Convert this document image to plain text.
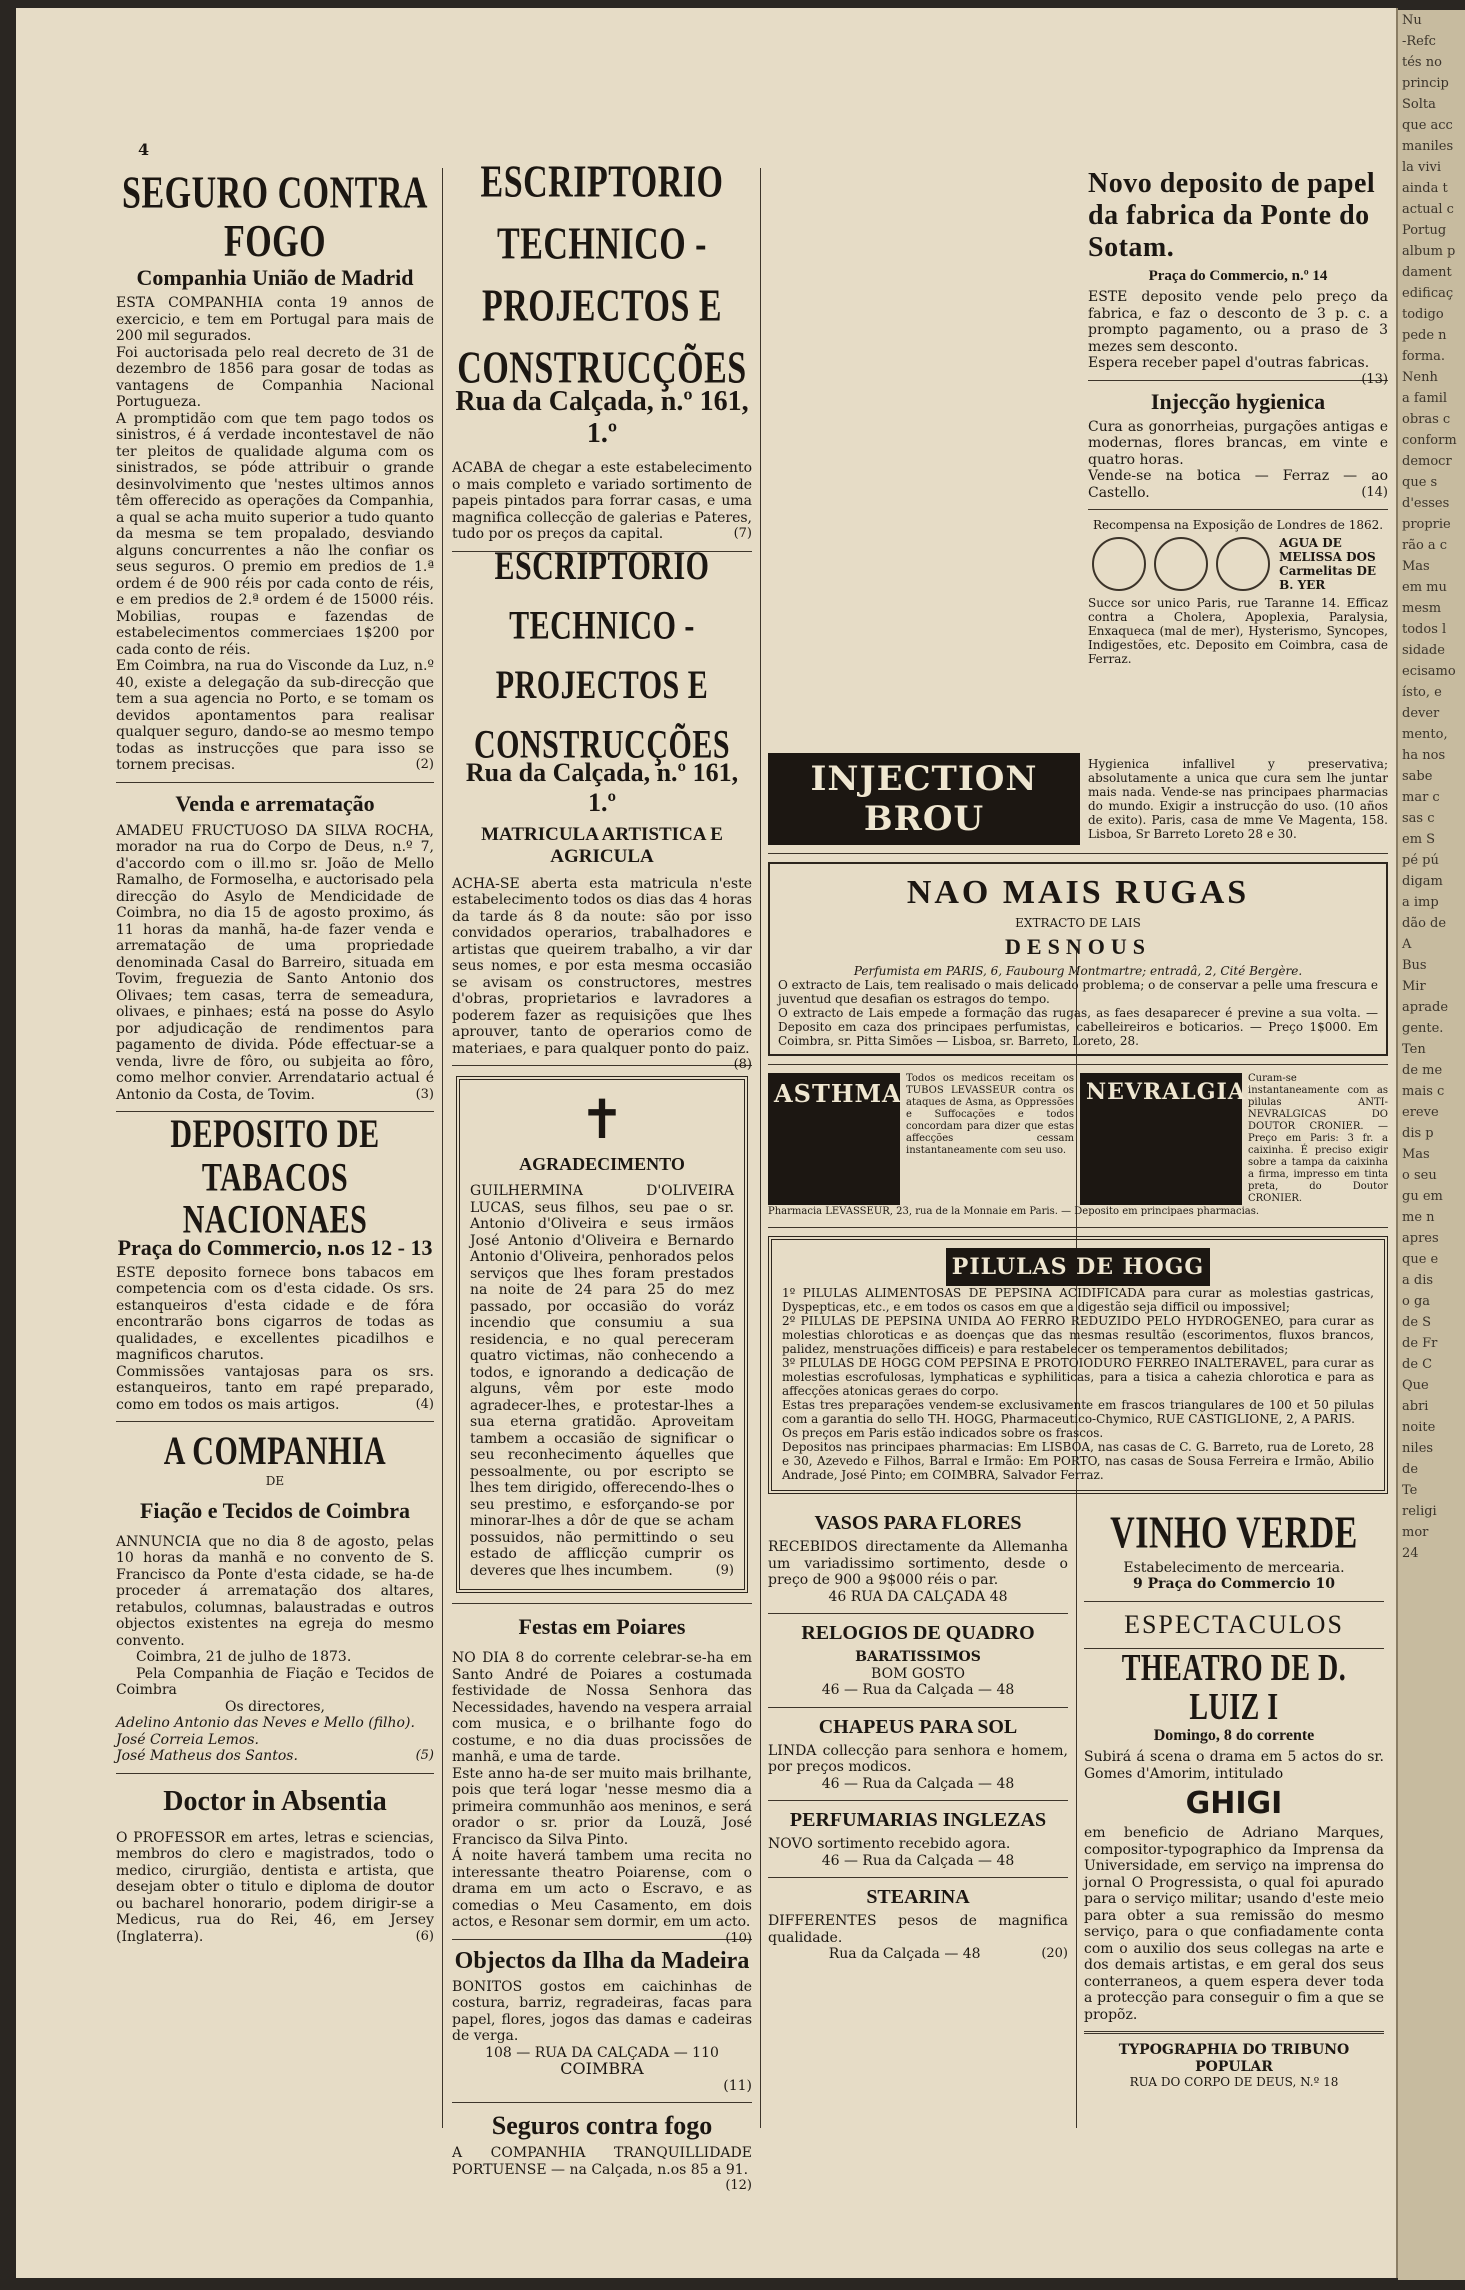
4
SEGURO CONTRA FOGO
Companhia União de Madrid

ESTA COMPANHIA conta 19 annos de exercicio, e tem em Portugal para mais de 200 mil segurados.

Foi auctorisada pelo real decreto de 31 de dezembro de 1856 para gosar de todas as vantagens de Companhia Nacional Portugueza.

A promptidão com que tem pago todos os sinistros, é á verdade incontestavel de não ter pleitos de qualidade alguma com os sinistrados, se póde attribuir o grande desinvolvimento que 'nestes ultimos annos têm offerecido as operações da Companhia, a qual se acha muito superior a tudo quanto da mesma se tem propalado, desviando alguns concurrentes a não lhe confiar os seus seguros. O premio em predios de 1.ª ordem é de 900 réis por cada conto de réis, e em predios de 2.ª ordem é de 15000 réis. Mobilias, roupas e fazendas de estabelecimentos commerciaes 1$200 por cada conto de réis.

Em Coimbra, na rua do Visconde da Luz, n.º 40, existe a delegação da sub-direcção que tem a sua agencia no Porto, e se tomam os devidos apontamentos para realisar qualquer seguro, dando-se ao mesmo tempo todas as instrucções que para isso se tornem precisas.	(2)

Venda e arrematação

AMADEU FRUCTUOSO DA SILVA ROCHA, morador na rua do Corpo de Deus, n.º 7, d'accordo com o ill.mo sr. João de Mello Ramalho, de Formoselha, e auctorisado pela direcção do Asylo de Mendicidade de Coimbra, no dia 15 de agosto proximo, ás 11 horas da manhã, ha-de fazer venda e arrematação de uma propriedade denominada Casal do Barreiro, situada em Tovim, freguezia de Santo Antonio dos Olivaes; tem casas, terra de semeadura, olivaes, e pinhaes; está na posse do Asylo por adjudicação de rendimentos para pagamento de divida. Póde effectuar-se a venda, livre de fôro, ou subjeita ao fôro, como melhor convier. Arrendatario actual é Antonio da Costa, de Tovim.	(3)

DEPOSITO DE TABACOS NACIONAES
Praça do Commercio, n.os 12 - 13

ESTE deposito fornece bons tabacos em competencia com os d'esta cidade. Os srs. estanqueiros d'esta cidade e de fóra encontrarão bons cigarros de todas as qualidades, e excellentes picadilhos e magnificos charutos.

Commissões vantajosas para os srs. estanqueiros, tanto em rapé preparado, como em todos os mais artigos.	(4)

A COMPANHIA

DE

Fiação e Tecidos de Coimbra

ANNUNCIA que no dia 8 de agosto, pelas 10 horas da manhã e no convento de S. Francisco da Ponte d'esta cidade, se ha-de proceder á arrematação dos altares, retabulos, columnas, balaustradas e outros objectos existentes na egreja do mesmo convento.

Coimbra, 21 de julho de 1873.

Pela Companhia de Fiação e Tecidos de Coimbra

Os directores,

Adelino Antonio das Neves e Mello (filho).

José Correia Lemos.

José Matheus dos Santos.	(5)

Doctor in Absentia

O PROFESSOR em artes, letras e sciencias, membros do clero e magistrados, todo o medico, cirurgião, dentista e artista, que desejam obter o titulo e diploma de doutor ou bacharel honorario, podem dirigir-se a Medicus, rua do Rei, 46, em Jersey (Inglaterra).	(6)

ESCRIPTORIO TECHNICO - PROJECTOS E CONSTRUCÇÕES
Rua da Calçada, n.º 161, 1.º

ACABA de chegar a este estabelecimento o mais completo e variado sortimento de papeis pintados para forrar casas, e uma magnifica collecção de galerias e Pateres, tudo por os preços da capital.	(7)

ESCRIPTORIO TECHNICO - PROJECTOS E CONSTRUCÇÕES
Rua da Calçada, n.º 161, 1.º
MATRICULA ARTISTICA E AGRICULA

ACHA-SE aberta esta matricula n'este estabelecimento todos os dias das 4 horas da tarde ás 8 da noute: são por isso convidados operarios, trabalhadores e artistas que queirem trabalho, a vir dar seus nomes, e por esta mesma occasião se avisam os constructores, mestres d'obras, proprietarios e lavradores a poderem fazer as requisições que lhes aprouver, tanto de operarios como de materiaes, e para qualquer ponto do paiz.
(8)

✝
AGRADECIMENTO

GUILHERMINA D'OLIVEIRA LUCAS, seus filhos, seu pae o sr. Antonio d'Oliveira e seus irmãos José Antonio d'Oliveira e Bernardo Antonio d'Oliveira, penhorados pelos serviços que lhes foram prestados na noite de 24 para 25 do mez passado, por occasião do voráz incendio que consumiu a sua residencia, e no qual pereceram quatro victimas, não conhecendo a todos, e ignorando a dedicação de alguns, vêm por este modo agradecer-lhes, e protestar-lhes a sua eterna gratidão. Aproveitam tambem a occasião de significar o seu reconhecimento áquelles que pessoalmente, ou por escripto se lhes tem dirigido, offerecendo-lhes o seu prestimo, e esforçando-se por minorar-lhes a dôr de que se acham possuidos, não permittindo o seu estado de afflicção cumprir os deveres que lhes incumbem.	(9)

Festas em Poiares

NO DIA 8 do corrente celebrar-se-ha em Santo André de Poiares a costumada festividade de Nossa Senhora das Necessidades, havendo na vespera arraial com musica, e o brilhante fogo do costume, e no dia duas procissões de manhã, e uma de tarde.

Este anno ha-de ser muito mais brilhante, pois que terá logar 'nesse mesmo dia a primeira communhão aos meninos, e será orador o sr. prior da Louzã, José Francisco da Silva Pinto.

Á noite haverá tambem uma recita no interessante theatro Poiarense, com o drama em um acto o Escravo, e as comedias o Meu Casamento, em dois actos, e Resonar sem dormir, em um acto.
(10)

Objectos da Ilha da Madeira

BONITOS gostos em caichinhas de costura, barriz, regradeiras, facas para papel, flores, jogos das damas e cadeiras de verga.

108 — RUA DA CALÇADA — 110

COIMBRA

(11)

Seguros contra fogo

A COMPANHIA TRANQUILLIDADE PORTUENSE — na Calçada, n.os 85 a 91.
(12)

Novo deposito de papel da fabrica da Ponte do Sotam.
Praça do Commercio, n.º 14

ESTE deposito vende pelo preço da fabrica, e faz o desconto de 3 p. c. a prompto pagamento, ou a praso de 3 mezes sem desconto.

Espera receber papel d'outras fabricas.
(13)

Injecção hygienica

Cura as gonorrheias, purgações antigas e modernas, flores brancas, em vinte e quatro horas.

Vende-se na botica — Ferraz — ao Castello.	(14)

Recompensa na Exposição de Londres de 1862.

AGUA DE MELISSA DOS Carmelitas DE B. YER

Succe sor unico Paris, rue Taranne 14. Efficaz contra a Cholera, Apoplexia, Paralysia, Enxaqueca (mal de mer), Hysterismo, Syncopes, Indigestões, etc. Deposito em Coimbra, casa de Ferraz.

INJECTION BROU

Hygienica infallivel y preservativa; absolutamente a unica que cura sem lhe juntar mais nada. Vende-se nas principaes pharmacias do mundo. Exigir a instrucção do uso. (10 años de exito). Paris, casa de mme Ve Magenta, 158. Lisboa, Sr Barreto Loreto 28 e 30.

NAO MAIS RUGAS

EXTRACTO DE LAIS

DESNOUS

Perfumista em PARIS, 6, Faubourg Montmartre; entradâ, 2, Cité Bergère.

O extracto de Lais, tem realisado o mais delicado problema; o de conservar a pelle uma frescura e juventud que desafian os estragos do tempo.

O extracto de Lais empede a formação das rugas, as faes desaparecer é previne a sua volta. — Deposito em caza dos principaes perfumistas, cabelleireiros e boticarios. — Preço 1$000. Em Coimbra, sr. Pitta Simões — Lisboa, sr. Barreto, Loreto, 28.

ASTHMA

Todos os medicos receitam os TUBOS LEVASSEUR contra os ataques de Asma, as Oppressões e Suffocações e todos concordam para dizer que estas affecções cessam instantaneamente com seu uso.

NEVRALGIAS

Curam-se instantaneamente com as pilulas ANTI-NEVRALGICAS DO DOUTOR CRONIER. — Preço em Paris: 3 fr. a caixinha. É preciso exigir sobre a tampa da caixinha a firma, impresso em tinta preta, do Doutor CRONIER.

Pharmacia LEVASSEUR, 23, rua de la Monnaie em Paris. — Deposito em principaes pharmacias.

PILULAS DE HOGG

1º PILULAS ALIMENTOSAS DE PEPSINA ACIDIFICADA para curar as molestias gastricas, Dyspepticas, etc., e em todos os casos em que a digestão seja difficil ou impossivel;

2º PILULAS DE PEPSINA UNIDA AO FERRO REDUZIDO PELO HYDROGENEO, para curar as molestias chloroticas e as doenças que das mesmas resultão (escorimentos, fluxos brancos, palidez, menstruações difficeis) e para restabelecer os temperamentos debilitados;

3º PILULAS DE HOGG COM PEPSINA E PROTOIODURO FERREO INALTERAVEL, para curar as molestias escrofulosas, lymphaticas e syphiliticas, para a tisica a cahezia chlorotica e para as affecções atonicas geraes do corpo.

Estas tres preparações vendem-se exclusivamente em frascos triangulares de 100 et 50 pilulas com a garantia do sello TH. HOGG, Pharmaceutico-Chymico, RUE CASTIGLIONE, 2, A PARIS.

Os preços em Paris estão indicados sobre os frascos.

Depositos nas principaes pharmacias: Em LISBOA, nas casas de C. G. Barreto, rua de Loreto, 28 e 30, Azevedo e Filhos, Barral e Irmão: Em PORTO, nas casas de Sousa Ferreira e Irmão, Abilio Andrade, José Pinto; em COIMBRA, Salvador Ferraz.

VASOS PARA FLORES

RECEBIDOS directamente da Allemanha um variadissimo sortimento, desde o preço de 900 a 9$000 réis o par.

46 RUA DA CALÇADA 48

RELOGIOS DE QUADRO

BARATISSIMOS

BOM GOSTO

46 — Rua da Calçada — 48

CHAPEUS PARA SOL

LINDA collecção para senhora e homem, por preços modicos.

46 — Rua da Calçada — 48

PERFUMARIAS INGLEZAS

NOVO sortimento recebido agora.

46 — Rua da Calçada — 48

STEARINA

DIFFERENTES pesos de magnifica qualidade.

Rua da Calçada — 48	(20)

VINHO VERDE

Estabelecimento de mercearia.

9 Praça do Commercio 10

ESPECTACULOS
THEATRO DE D. LUIZ I
Domingo, 8 do corrente

Subirá á scena o drama em 5 actos do sr. Gomes d'Amorim, intitulado

GHIGI

em beneficio de Adriano Marques, compositor-typographico da Imprensa da Universidade, em serviço na imprensa do jornal O Progressista, o qual foi apurado para o serviço militar; usando d'este meio para obter a sua remissão do mesmo serviço, para o que confiadamente conta com o auxilio dos seus collegas na arte e dos demais artistas, e em geral dos seus conterraneos, a quem espera dever toda a protecção para conseguir o fim a que se propõz.

TYPOGRAPHIA DO TRIBUNO POPULAR

RUA DO CORPO DE DEUS, N.º 18

Nu
-Refc
tés no
princip
Solta
que acc
maniles
la vivi
ainda t
actual c
Portug
album p
dament
edificaç
todigo
pede n
forma.
Nenh
a famil
obras c
conform
democr
que s
d'esses
proprie
rão a c
Mas
em mu
mesm
todos l
sidade
ecisamo
ísto, e
dever
mento,
ha nos
sabe
mar c
sas c
em S
pé pú
digam
a imp
dão de
A
Bus
Mir
aprade
gente.
Ten
de me
mais c
ereve
dis p
Mas
o seu
gu em
me n
apres
que e
a dis
o ga
de S
de Fr
de C
Que
abri
noite
niles
de
Te
religi
mor
24
